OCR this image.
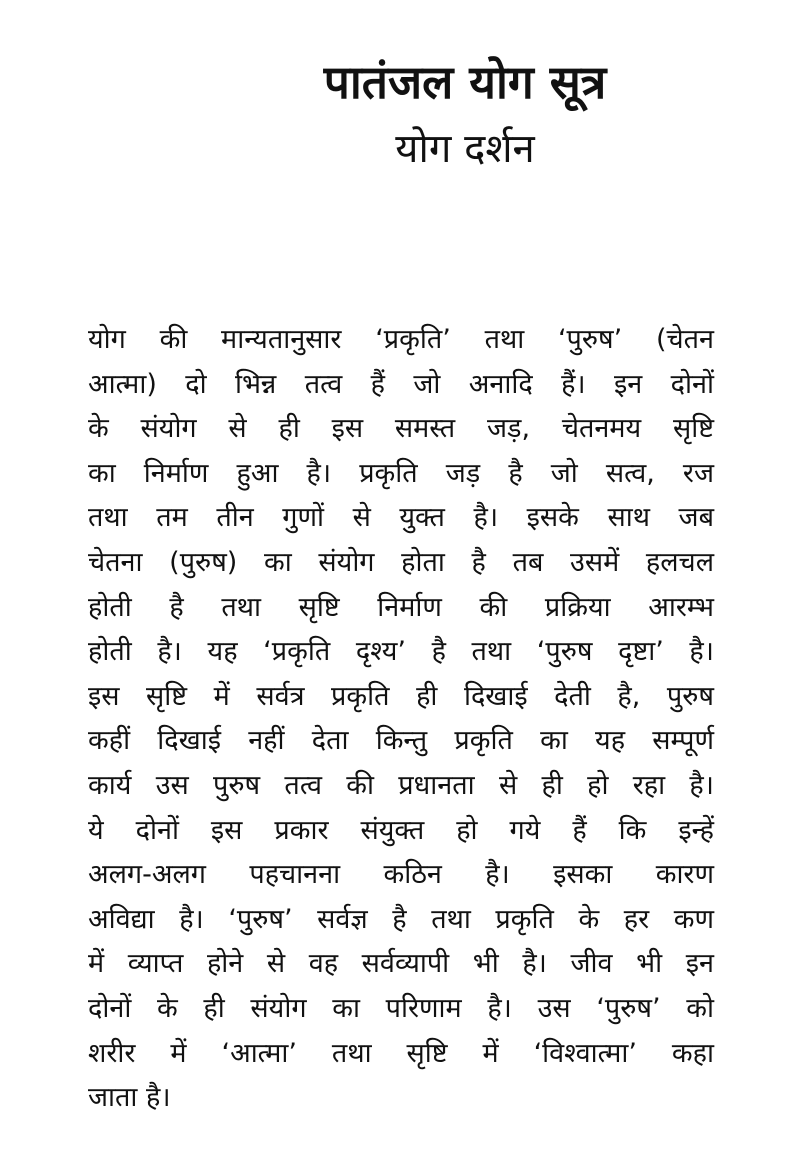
पातंजल योग सूत्र
योग दर्शन
योग की मान्यतानुसार ‘प्रकृति’ तथा ‘पुरुष’ (चेतन
आत्मा) दो भिन्न तत्व हैं जो अनादि हैं। इन दोनों
के संयोग से ही इस समस्त जड़, चेतनमय सृष्टि
का निर्माण हुआ है। प्रकृति जड़ है जो सत्व, रज
तथा तम तीन गुणों से युक्त है। इसके साथ जब
चेतना (पुरुष) का संयोग होता है तब उसमें हलचल
होती है तथा सृष्टि निर्माण की प्रक्रिया आरम्भ
होती है। यह ‘प्रकृति दृश्य’ है तथा ‘पुरुष दृष्टा’ है।
इस सृष्टि में सर्वत्र प्रकृति ही दिखाई देती है, पुरुष
कहीं दिखाई नहीं देता किन्तु प्रकृति का यह सम्पूर्ण
कार्य उस पुरुष तत्व की प्रधानता से ही हो रहा है।
ये दोनों इस प्रकार संयुक्त हो गये हैं कि इन्हें
अलग-अलग पहचानना कठिन है। इसका कारण
अविद्या है। ‘पुरुष’ सर्वज्ञ है तथा प्रकृति के हर कण
में व्याप्त होने से वह सर्वव्यापी भी है। जीव भी इन
दोनों के ही संयोग का परिणाम है। उस ‘पुरुष’ को
शरीर में ‘आत्मा’ तथा सृष्टि में ‘विश्वात्मा’ कहा
जाता है।
